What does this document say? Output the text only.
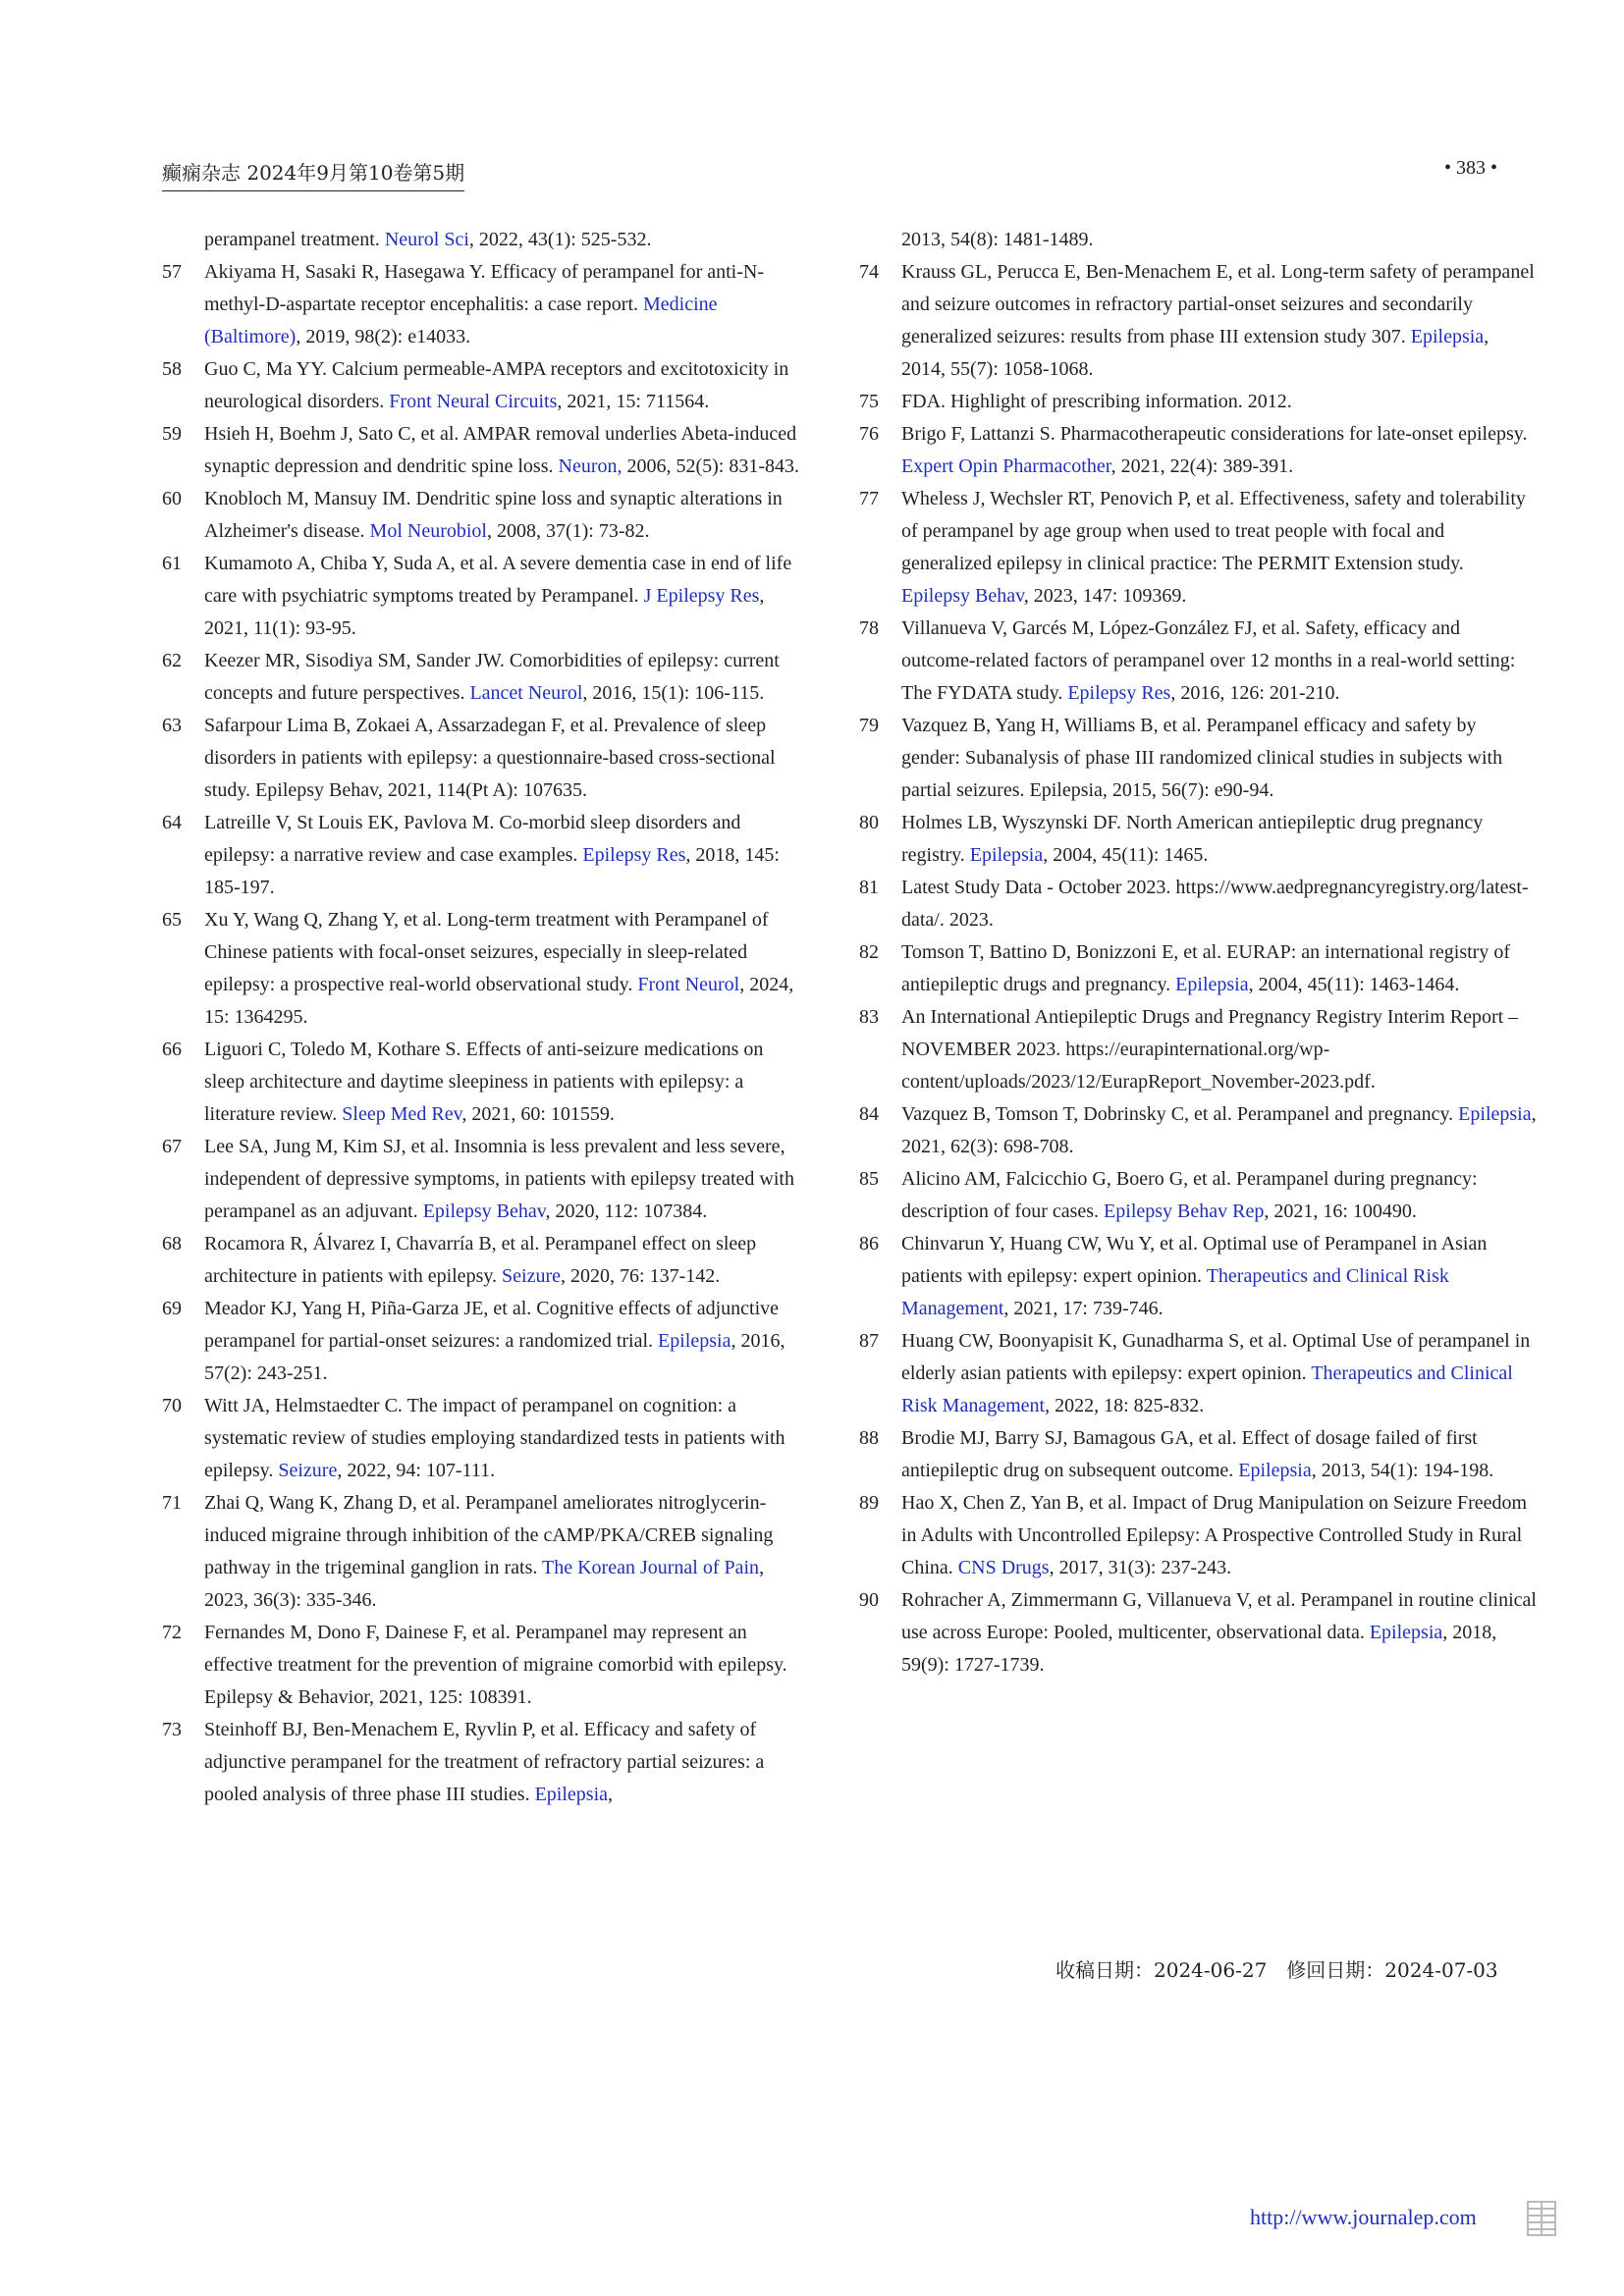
癫痫杂志 2024年9月第10卷第5期	• 383 •
perampanel treatment. Neurol Sci, 2022, 43(1): 525-532.
57 Akiyama H, Sasaki R, Hasegawa Y. Efficacy of perampanel for anti-N-methyl-D-aspartate receptor encephalitis: a case report. Medicine (Baltimore), 2019, 98(2): e14033.
58 Guo C, Ma YY. Calcium permeable-AMPA receptors and excitotoxicity in neurological disorders. Front Neural Circuits, 2021, 15: 711564.
59 Hsieh H, Boehm J, Sato C, et al. AMPAR removal underlies Abeta-induced synaptic depression and dendritic spine loss. Neuron, 2006, 52(5): 831-843.
60 Knobloch M, Mansuy IM. Dendritic spine loss and synaptic alterations in Alzheimer's disease. Mol Neurobiol, 2008, 37(1): 73-82.
61 Kumamoto A, Chiba Y, Suda A, et al. A severe dementia case in end of life care with psychiatric symptoms treated by Perampanel. J Epilepsy Res, 2021, 11(1): 93-95.
62 Keezer MR, Sisodiya SM, Sander JW. Comorbidities of epilepsy: current concepts and future perspectives. Lancet Neurol, 2016, 15(1): 106-115.
63 Safarpour Lima B, Zokaei A, Assarzadegan F, et al. Prevalence of sleep disorders in patients with epilepsy: a questionnaire-based cross-sectional study. Epilepsy Behav, 2021, 114(Pt A): 107635.
64 Latreille V, St Louis EK, Pavlova M. Co-morbid sleep disorders and epilepsy: a narrative review and case examples. Epilepsy Res, 2018, 145: 185-197.
65 Xu Y, Wang Q, Zhang Y, et al. Long-term treatment with Perampanel of Chinese patients with focal-onset seizures, especially in sleep-related epilepsy: a prospective real-world observational study. Front Neurol, 2024, 15: 1364295.
66 Liguori C, Toledo M, Kothare S. Effects of anti-seizure medications on sleep architecture and daytime sleepiness in patients with epilepsy: a literature review. Sleep Med Rev, 2021, 60: 101559.
67 Lee SA, Jung M, Kim SJ, et al. Insomnia is less prevalent and less severe, independent of depressive symptoms, in patients with epilepsy treated with perampanel as an adjuvant. Epilepsy Behav, 2020, 112: 107384.
68 Rocamora R, Álvarez I, Chavarría B, et al. Perampanel effect on sleep architecture in patients with epilepsy. Seizure, 2020, 76: 137-142.
69 Meador KJ, Yang H, Piña-Garza JE, et al. Cognitive effects of adjunctive perampanel for partial-onset seizures: a randomized trial. Epilepsia, 2016, 57(2): 243-251.
70 Witt JA, Helmstaedter C. The impact of perampanel on cognition: a systematic review of studies employing standardized tests in patients with epilepsy. Seizure, 2022, 94: 107-111.
71 Zhai Q, Wang K, Zhang D, et al. Perampanel ameliorates nitroglycerin-induced migraine through inhibition of the cAMP/PKA/CREB signaling pathway in the trigeminal ganglion in rats. The Korean Journal of Pain, 2023, 36(3): 335-346.
72 Fernandes M, Dono F, Dainese F, et al. Perampanel may represent an effective treatment for the prevention of migraine comorbid with epilepsy. Epilepsy & Behavior, 2021, 125: 108391.
73 Steinhoff BJ, Ben-Menachem E, Ryvlin P, et al. Efficacy and safety of adjunctive perampanel for the treatment of refractory partial seizures: a pooled analysis of three phase III studies. Epilepsia,
2013, 54(8): 1481-1489.
74 Krauss GL, Perucca E, Ben-Menachem E, et al. Long-term safety of perampanel and seizure outcomes in refractory partial-onset seizures and secondarily generalized seizures: results from phase III extension study 307. Epilepsia, 2014, 55(7): 1058-1068.
75 FDA. Highlight of prescribing information. 2012.
76 Brigo F, Lattanzi S. Pharmacotherapeutic considerations for late-onset epilepsy. Expert Opin Pharmacother, 2021, 22(4): 389-391.
77 Wheless J, Wechsler RT, Penovich P, et al. Effectiveness, safety and tolerability of perampanel by age group when used to treat people with focal and generalized epilepsy in clinical practice: The PERMIT Extension study. Epilepsy Behav, 2023, 147: 109369.
78 Villanueva V, Garcés M, López-González FJ, et al. Safety, efficacy and outcome-related factors of perampanel over 12 months in a real-world setting: The FYDATA study. Epilepsy Res, 2016, 126: 201-210.
79 Vazquez B, Yang H, Williams B, et al. Perampanel efficacy and safety by gender: Subanalysis of phase III randomized clinical studies in subjects with partial seizures. Epilepsia, 2015, 56(7): e90-94.
80 Holmes LB, Wyszynski DF. North American antiepileptic drug pregnancy registry. Epilepsia, 2004, 45(11): 1465.
81 Latest Study Data - October 2023. https://www.aedpregnancyregistry.org/latest-data/. 2023.
82 Tomson T, Battino D, Bonizzoni E, et al. EURAP: an international registry of antiepileptic drugs and pregnancy. Epilepsia, 2004, 45(11): 1463-1464.
83 An International Antiepileptic Drugs and Pregnancy Registry Interim Report – NOVEMBER 2023. https://eurapinternational.org/wp-content/uploads/2023/12/EurapReport_November-2023.pdf.
84 Vazquez B, Tomson T, Dobrinsky C, et al. Perampanel and pregnancy. Epilepsia, 2021, 62(3): 698-708.
85 Alicino AM, Falcicchio G, Boero G, et al. Perampanel during pregnancy: description of four cases. Epilepsy Behav Rep, 2021, 16: 100490.
86 Chinvarun Y, Huang CW, Wu Y, et al. Optimal use of Perampanel in Asian patients with epilepsy: expert opinion. Therapeutics and Clinical Risk Management, 2021, 17: 739-746.
87 Huang CW, Boonyapisit K, Gunadharma S, et al. Optimal Use of perampanel in elderly asian patients with epilepsy: expert opinion. Therapeutics and Clinical Risk Management, 2022, 18: 825-832.
88 Brodie MJ, Barry SJ, Bamagous GA, et al. Effect of dosage failed of first antiepileptic drug on subsequent outcome. Epilepsia, 2013, 54(1): 194-198.
89 Hao X, Chen Z, Yan B, et al. Impact of Drug Manipulation on Seizure Freedom in Adults with Uncontrolled Epilepsy: A Prospective Controlled Study in Rural China. CNS Drugs, 2017, 31(3): 237-243.
90 Rohracher A, Zimmermann G, Villanueva V, et al. Perampanel in routine clinical use across Europe: Pooled, multicenter, observational data. Epilepsia, 2018, 59(9): 1727-1739.
收稿日期：2024-06-27　修回日期：2024-07-03
http://www.journalep.com
